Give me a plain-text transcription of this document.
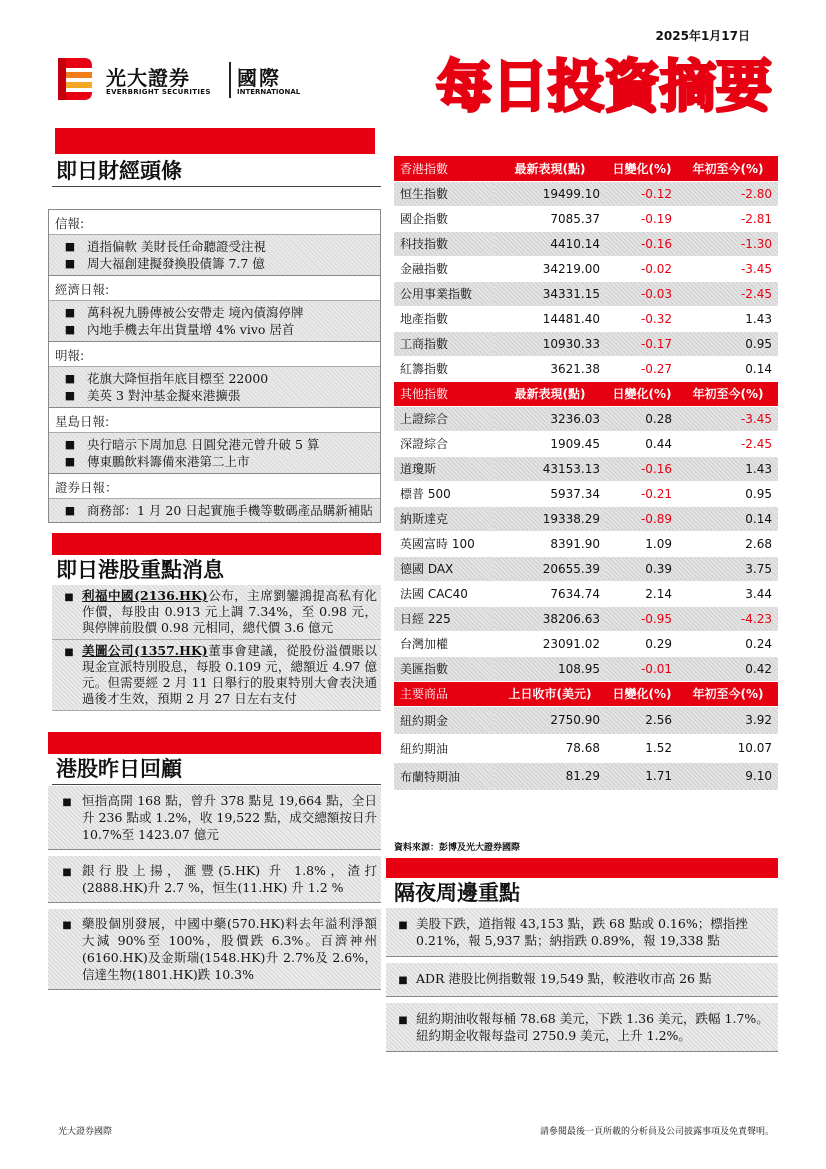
2025年1月17日
光大證券
EVERBRIGHT SECURITIES
國際
INTERNATIONAL 每日投資摘要
即日財經頭條
信報:
■ 逍指偏軟 美財長任命聽證受注視
■ 周大福創建擬發換股債籌 7.7 億
經濟日報:
■ 萬科祝九勝傳被公安帶走 境內債瀉停牌
■ 內地手機去年出貨量增 4% vivo 居首
明報:
■ 花旗大降恒指年底目標至 22000
■ 美英 3 對沖基金擬來港擴張
星島日報:
■ 央行暗示下周加息 日圓兌港元曾升破 5 算
■ 傳東鵬飲料籌備來港第二上市
證券日報：
■ 商務部：1 月 20 日起實施手機等數碼產品購新補貼
即日港股重點消息
■ 利福中國(2136.HK)公布，主席劉鑾鴻提高私有化作價，每股由 0.913 元上調 7.34%，至 0.98 元，與停牌前股價 0.98 元相同，總代價 3.6 億元
■ 美圖公司(1357.HK)董事會建議，從股份溢價賬以現金宣派特別股息，每股 0.109 元，總額近 4.97 億元。但需要經 2 月 11 日舉行的股東特別大會表決通過後才生效，預期 2 月 27 日左右支付
港股昨日回顧
■ 恒指高開 168 點，曾升 378 點見 19,664 點，全日升 236 點或 1.2%，收 19,522 點，成交總額按日升 10.7%至 1423.07 億元
■ 銀行股上揚，滙豐(5.HK) 升 1.8%，渣打(2888.HK)升 2.7 %，恒生(11.HK) 升 1.2 %
■ 藥股個別發展，中國中藥(570.HK)料去年溢利淨額大減 90%至 100%，股價跌 6.3%。百濟神州(6160.HK)及金斯瑞(1548.HK)升 2.7%及 2.6%，信達生物(1801.HK)跌 10.3%
香港指數	最新表現(點)	日變化(%)	年初至今(%)
恒生指數	19499.10	-0.12	-2.80
國企指數	7085.37	-0.19	-2.81
科技指數	4410.14	-0.16	-1.30
金融指數	34219.00	-0.02	-3.45
公用事業指數	34331.15	-0.03	-2.45
地產指數	14481.40	-0.32	1.43
工商指數	10930.33	-0.17	0.95
紅籌指數	3621.38	-0.27	0.14
其他指數	最新表現(點)	日變化(%)	年初至今(%)
上證綜合	3236.03	0.28	-3.45
深證綜合	1909.45	0.44	-2.45
道瓊斯	43153.13	-0.16	1.43
標普 500	5937.34	-0.21	0.95
納斯達克	19338.29	-0.89	0.14
英國富時 100	8391.90	1.09	2.68
德國 DAX	20655.39	0.39	3.75
法國 CAC40	7634.74	2.14	3.44
日經 225	38206.63	-0.95	-4.23
台灣加權	23091.02	0.29	0.24
美匯指數	108.95	-0.01	0.42
主要商品	上日收市(美元)	日變化(%)	年初至今(%)
紐約期金	2750.90	2.56	3.92
紐約期油	78.68	1.52	10.07
布蘭特期油	81.29	1.71	9.10
資料來源：彭博及光大證券國際
隔夜周邊重點
■ 美股下跌，道指報 43,153 點，跌 68 點或 0.16%；標指挫 0.21%，報 5,937 點；納指跌 0.89%，報 19,338 點
■ ADR 港股比例指數報 19,549 點，較港收市高 26 點
■ 紐約期油收報每桶 78.68 美元，下跌 1.36 美元，跌幅 1.7%。紐約期金收報每盎司 2750.9 美元，上升 1.2%。
光大證券國際	請參閱最後一頁所載的分析員及公司披露事項及免責聲明。
